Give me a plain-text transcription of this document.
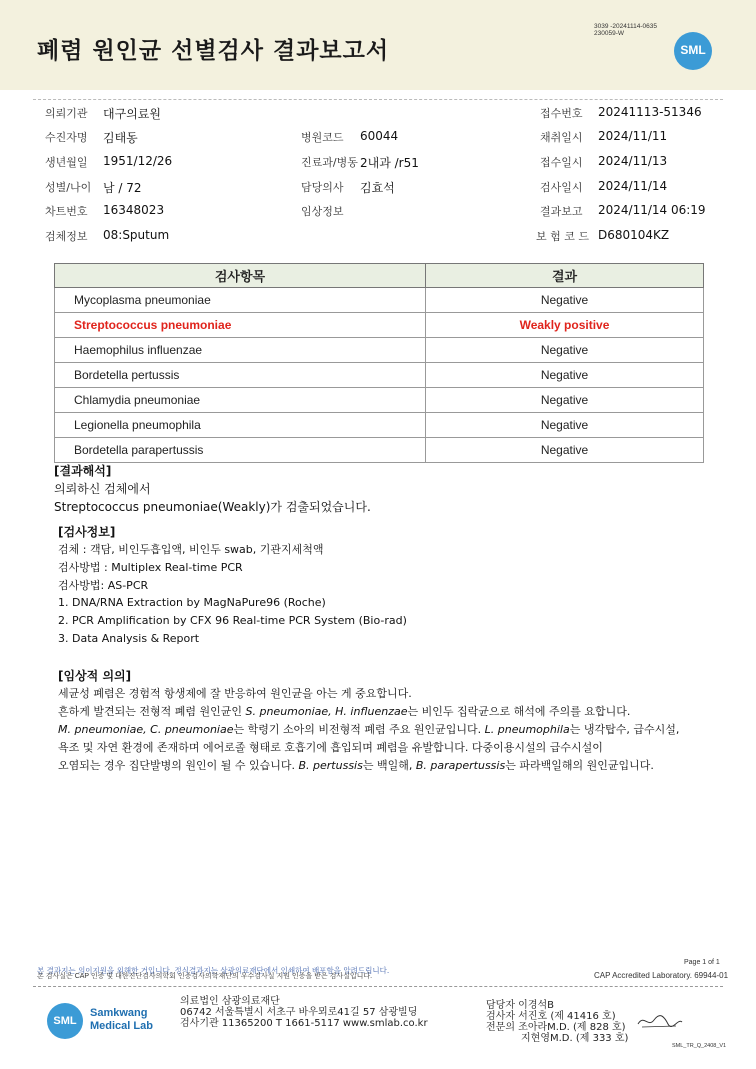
폐렴 원인균 선별검사 결과보고서
3039 -20241114-0635
230059-W
SML
의뢰기관 대구의료원
수진자명 김태동
생년월일 1951/12/26
성별/나이 남 / 72
차트번호 16348023
검체정보 08:Sputum
병원코드 60044
진료과/병동 2내과 /r51
담당의사 김효석
임상정보
접수번호 20241113-51346
채취일시 2024/11/11
접수일시 2024/11/13
검사일시 2024/11/14
결과보고 2024/11/14 06:19
보 험 코 드 D680104KZ
검사항목	결과
Mycoplasma pneumoniae	Negative
Streptococcus pneumoniae	Weakly positive
Haemophilus influenzae	Negative
Bordetella pertussis	Negative
Chlamydia pneumoniae	Negative
Legionella pneumophila	Negative
Bordetella parapertussis	Negative
[결과해석]
의뢰하신 검체에서
Streptococcus pneumoniae(Weakly)가 검출되었습니다.
[검사정보]
검체 : 객담, 비인두흡입액, 비인두 swab, 기관지세척액
검사방법 : Multiplex Real-time PCR
검사방법: AS-PCR
1. DNA/RNA Extraction by MagNaPure96 (Roche)
2. PCR Amplification by CFX 96 Real-time PCR System (Bio-rad)
3. Data Analysis & Report
[임상적 의의]
세균성 폐렴은 경험적 항생제에 잘 반응하여 원인균을 아는 게 중요합니다.
흔하게 발견되는 전형적 폐렴 원인균인 S. pneumoniae, H. influenzae는 비인두 집락균으로 해석에 주의를 요합니다.
M. pneumoniae, C. pneumoniae는 학령기 소아의 비전형적 폐렴 주요 원인균입니다. L. pneumophila는 냉각탑수, 급수시설,
욕조 및 자연 환경에 존재하며 에어로졸 형태로 호흡기에 흡입되며 폐렴을 유발합니다. 다중이용시설의 급수시설이
오염되는 경우 집단발병의 원인이 될 수 있습니다. B. pertussis는 백일해, B. parapertussis는 파라백일해의 원인균입니다.
본 결과지는 의이지원을 외해한 거입니다. 정식결과지는 삼광의료재단에서 인쇄하여 배포함을 알려드립니다.
본 검사실은 CAP 인증 및 대한진단검사의학회 인증검사의학재단의 우수검사실 지원 인증을 받은 검사실입니다.
Page 1 of 1
CAP Accredited Laboratory. 69944-01
SML
Samkwang
Medical Lab
의료법인 삼광의료재단
06742 서울특별시 서초구 바우뫼로41길 57 삼광빌딩
검사기관 11365200 T 1661-5117 www.smlab.co.kr
담당자 이경석B
검사자 서진호 (제 41416 호)
전문의 조아라M.D. (제 828 호)
지현영M.D. (제 333 호)
SML_TR_Q_2408_V1
